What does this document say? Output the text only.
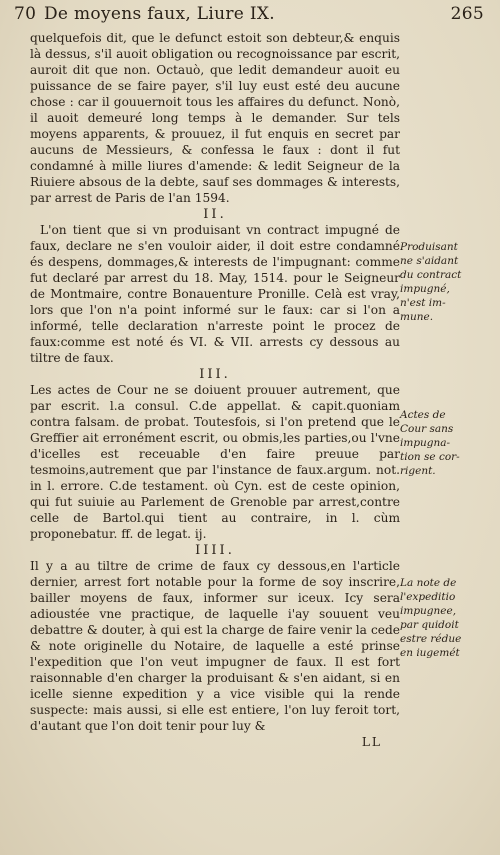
70 De moyens faux, Liure IX.	265

quelquefois dit, que le defunct estoit son debteur,& enquis là dessus, s'il auoit obligation ou recognoissance par escrit, auroit dit que non. Octauò, que ledit demandeur auoit eu puissance de se faire payer, s'il luy eust esté deu aucune chose : car il gouuernoit tous les affaires du defunct. Nonò, il auoit demeuré long temps à le demander. Sur tels moyens apparents, & prouuez, il fut enquis en secret par aucuns de Messieurs, & confessa le faux : dont il fut condamné à mille liures d'amende: & ledit Seigneur de la Riuiere absous de la debte, sauf ses dommages & interests, par arrest de Paris de l'an 1594.

II.

L'on tient que si vn produisant vn contract impugné de faux, declare ne s'en vouloir aider, il doit estre condamné és despens, dommages,& interests de l'impugnant: comme fut declaré par arrest du 18. May, 1514. pour le Seigneur de Montmaire, contre Bonauenture Pronille. Celà est vray, lors que l'on n'a point informé sur le faux: car si l'on a informé, telle declaration n'arreste point le procez de faux:comme est noté és VI. & VII. arrests cy dessous au tiltre de faux.

III.

Les actes de Cour ne se doiuent prouuer autrement, que par escrit. l.a consul. C.de appellat. & capit.quoniam contra falsam. de probat. Toutesfois, si l'on pretend que le Greffier ait erronément escrit, ou obmis,les parties,ou l'vne d'icelles est receuable d'en faire preuue par tesmoins,autrement que par l'instance de faux.argum. not. in l. errore. C.de testament. où Cyn. est de ceste opinion, qui fut suiuie au Parlement de Grenoble par arrest,contre celle de Bartol.qui tient au contraire, in l. cùm proponebatur. ff. de legat. ij.

IIII.

Il y a au tiltre de crime de faux cy dessous,en l'article dernier, arrest fort notable pour la forme de soy inscrire, bailler moyens de faux, informer sur iceux. Icy sera adioustée vne practique, de laquelle i'ay souuent veu debattre & douter, à qui est la charge de faire venir la cede & note originelle du Notaire, de laquelle a esté prinse l'expedition que l'on veut impugner de faux. Il est fort raisonnable d'en charger la produisant & s'en aidant, si en icelle sienne expedition y a vice visible qui la rende suspecte: mais aussi, si elle est entiere, l'on luy feroit tort, d'autant que l'on doit tenir pour luy &

LL

Produisant
ne s'aidant
du contract
impugné,
n'est im-
mune.
Actes de
Cour sans
impugna-
tion se cor-
rigent.
La note de
l'expeditio
impugnee,
par quidoit
estre rédue
en iugemét
